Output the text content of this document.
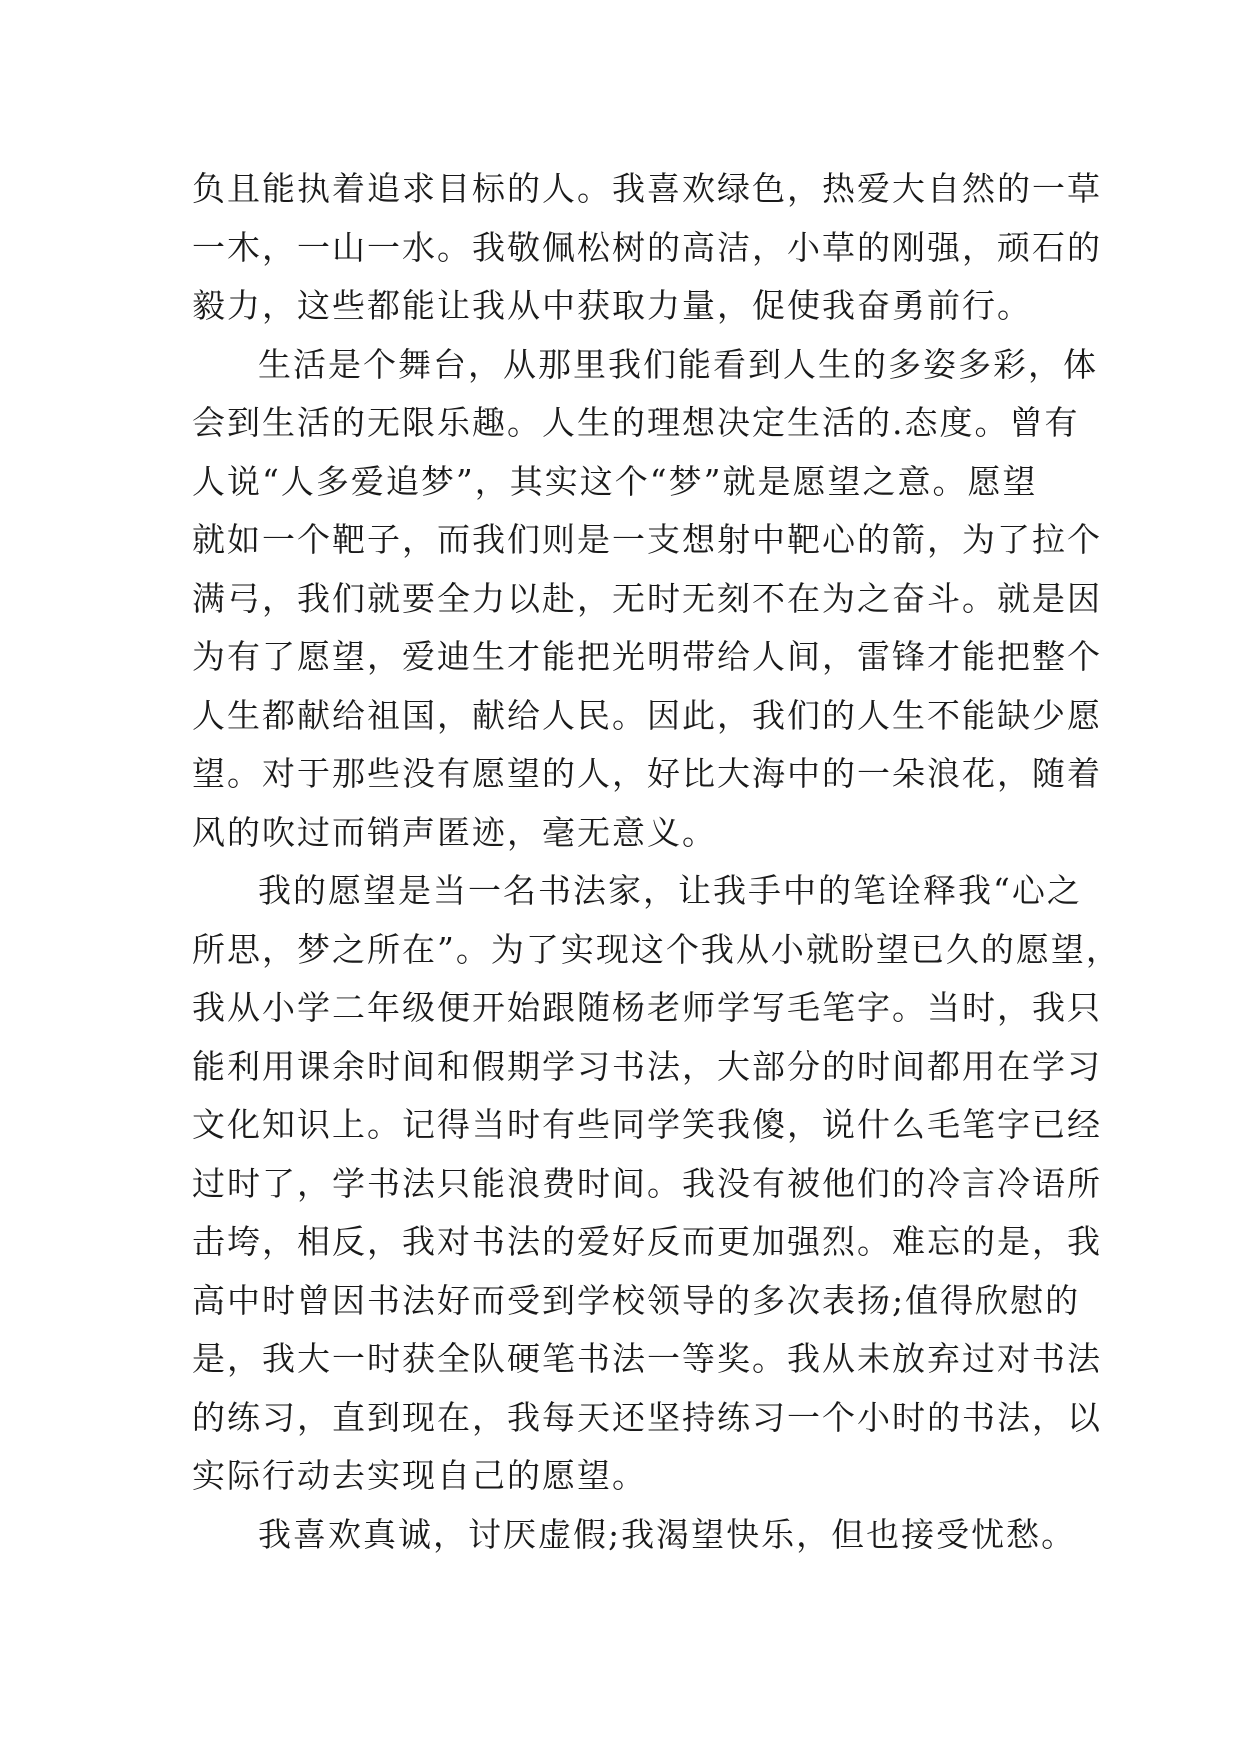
负且能执着追求目标的人。我喜欢绿色，热爱大自然的一草
一木，一山一水。我敬佩松树的高洁，小草的刚强，顽石的
毅力，这些都能让我从中获取力量，促使我奋勇前行。
生活是个舞台，从那里我们能看到人生的多姿多彩，体
会到生活的无限乐趣。人生的理想决定生活的.态度。曾有
人说“人多爱追梦”，其实这个“梦”就是愿望之意。愿望
就如一个靶子，而我们则是一支想射中靶心的箭，为了拉个
满弓，我们就要全力以赴，无时无刻不在为之奋斗。就是因
为有了愿望，爱迪生才能把光明带给人间，雷锋才能把整个
人生都献给祖国，献给人民。因此，我们的人生不能缺少愿
望。对于那些没有愿望的人，好比大海中的一朵浪花，随着
风的吹过而销声匿迹，毫无意义。
我的愿望是当一名书法家，让我手中的笔诠释我“心之
所思，梦之所在”。为了实现这个我从小就盼望已久的愿望，
我从小学二年级便开始跟随杨老师学写毛笔字。当时，我只
能利用课余时间和假期学习书法，大部分的时间都用在学习
文化知识上。记得当时有些同学笑我傻，说什么毛笔字已经
过时了，学书法只能浪费时间。我没有被他们的冷言冷语所
击垮，相反，我对书法的爱好反而更加强烈。难忘的是，我
高中时曾因书法好而受到学校领导的多次表扬;值得欣慰的
是，我大一时获全队硬笔书法一等奖。我从未放弃过对书法
的练习，直到现在，我每天还坚持练习一个小时的书法，以
实际行动去实现自己的愿望。
我喜欢真诚，讨厌虚假;我渴望快乐，但也接受忧愁。
